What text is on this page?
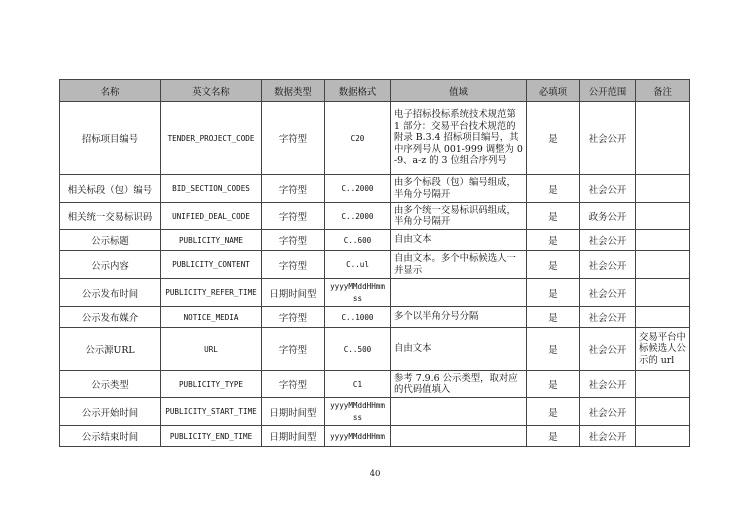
名称	英文名称	数据类型	数据格式	值域	必填项	公开范围	备注
招标项目编号	TENDER_PROJECT_CODE	字符型	C20	电子招标投标系统技术规范第 1 部分：交易平台技术规范的附录 B.3.4 招标项目编号，其中序列号从 001-999 调整为 0-9、a-z 的 3 位组合序列号	是	社会公开	
相关标段（包）编号	BID_SECTION_CODES	字符型	C..2000	由多个标段（包）编号组成，半角分号隔开	是	社会公开	
相关统一交易标识码	UNIFIED_DEAL_CODE	字符型	C..2000	由多个统一交易标识码组成，半角分号隔开	是	政务公开	
公示标题	PUBLICITY_NAME	字符型	C..600	自由文本	是	社会公开	
公示内容	PUBLICITY_CONTENT	字符型	C..ul	自由文本。多个中标候选人一并显示	是	社会公开	
公示发布时间	PUBLICITY_REFER_TIME	日期时间型	yyyyMMddHHmmss		是	社会公开	
公示发布媒介	NOTICE_MEDIA	字符型	C..1000	多个以半角分号分隔	是	社会公开	
公示源URL	URL	字符型	C..500	自由文本	是	社会公开	交易平台中标候选人公示的 url
公示类型	PUBLICITY_TYPE	字符型	C1	参考 7.9.6 公示类型，取对应的代码值填入	是	社会公开	
公示开始时间	PUBLICITY_START_TIME	日期时间型	yyyyMMddHHmmss		是	社会公开	
公示结束时间	PUBLICITY_END_TIME	日期时间型	yyyyMMddHHmm		是	社会公开	
40
